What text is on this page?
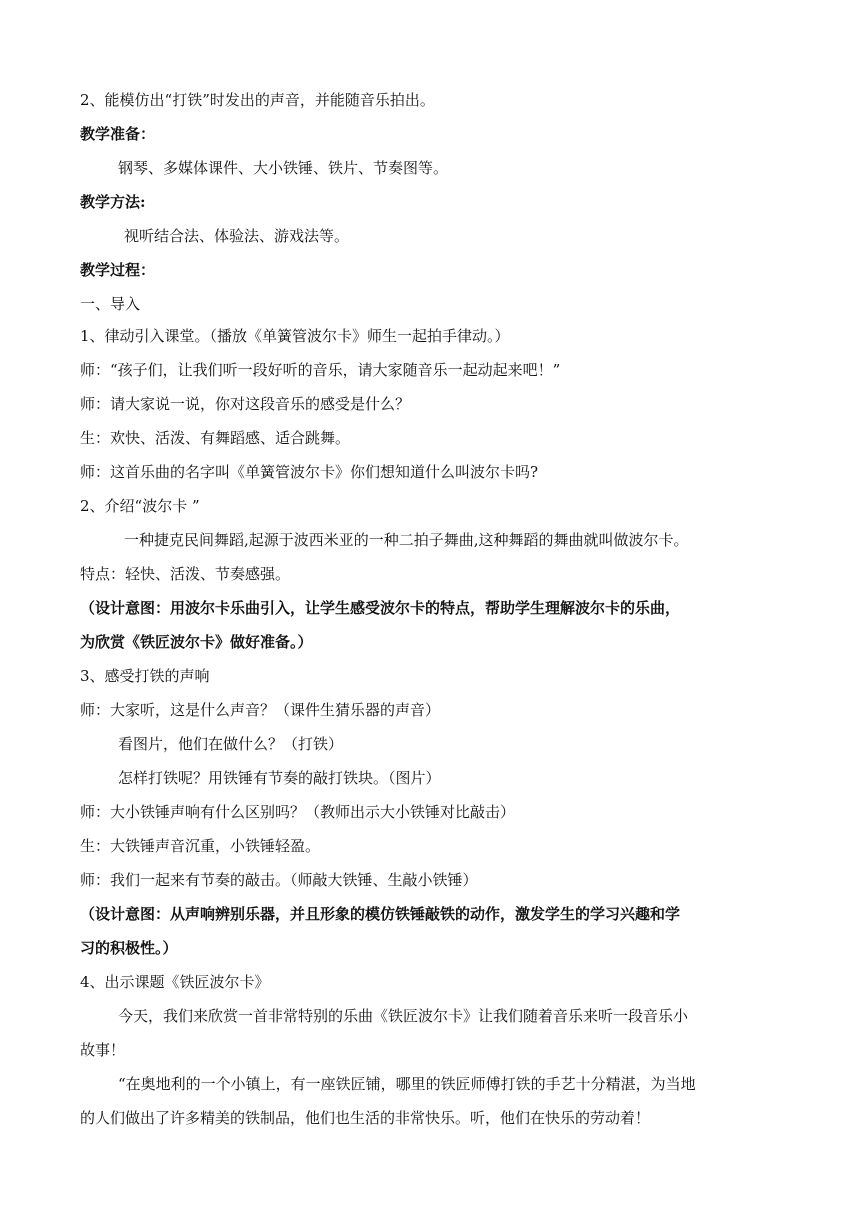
2、能模仿出“打铁”时发出的声音，并能随音乐拍出。
教学准备：
钢琴、多媒体课件、大小铁锤、铁片、节奏图等。
教学方法:
视听结合法、体验法、游戏法等。
教学过程：
一、导入
1、律动引入课堂。（播放《单簧管波尔卡》师生一起拍手律动。）
师：“孩子们，让我们听一段好听的音乐，请大家随音乐一起动起来吧！”
师：请大家说一说，你对这段音乐的感受是什么？
生：欢快、活泼、有舞蹈感、适合跳舞。
师：这首乐曲的名字叫《单簧管波尔卡》你们想知道什么叫波尔卡吗?
2、介绍“波尔卡 ”
一种捷克民间舞蹈,起源于波西米亚的一种二拍子舞曲,这种舞蹈的舞曲就叫做波尔卡。
特点：轻快、活泼、节奏感强。
（设计意图：用波尔卡乐曲引入，让学生感受波尔卡的特点，帮助学生理解波尔卡的乐曲，
为欣赏《铁匠波尔卡》做好准备。）
3、感受打铁的声响
师：大家听，这是什么声音？（课件生猜乐器的声音）
看图片，他们在做什么？（打铁）
怎样打铁呢？用铁锤有节奏的敲打铁块。（图片）
师：大小铁锤声响有什么区别吗？（教师出示大小铁锤对比敲击）
生：大铁锤声音沉重，小铁锤轻盈。
师：我们一起来有节奏的敲击。（师敲大铁锤、生敲小铁锤）
（设计意图：从声响辨别乐器，并且形象的模仿铁锤敲铁的动作，激发学生的学习兴趣和学
习的积极性。）
4、出示课题《铁匠波尔卡》
今天，我们来欣赏一首非常特别的乐曲《铁匠波尔卡》让我们随着音乐来听一段音乐小
故事！
“在奥地利的一个小镇上，有一座铁匠铺，哪里的铁匠师傅打铁的手艺十分精湛，为当地
的人们做出了许多精美的铁制品，他们也生活的非常快乐。听，他们在快乐的劳动着！
